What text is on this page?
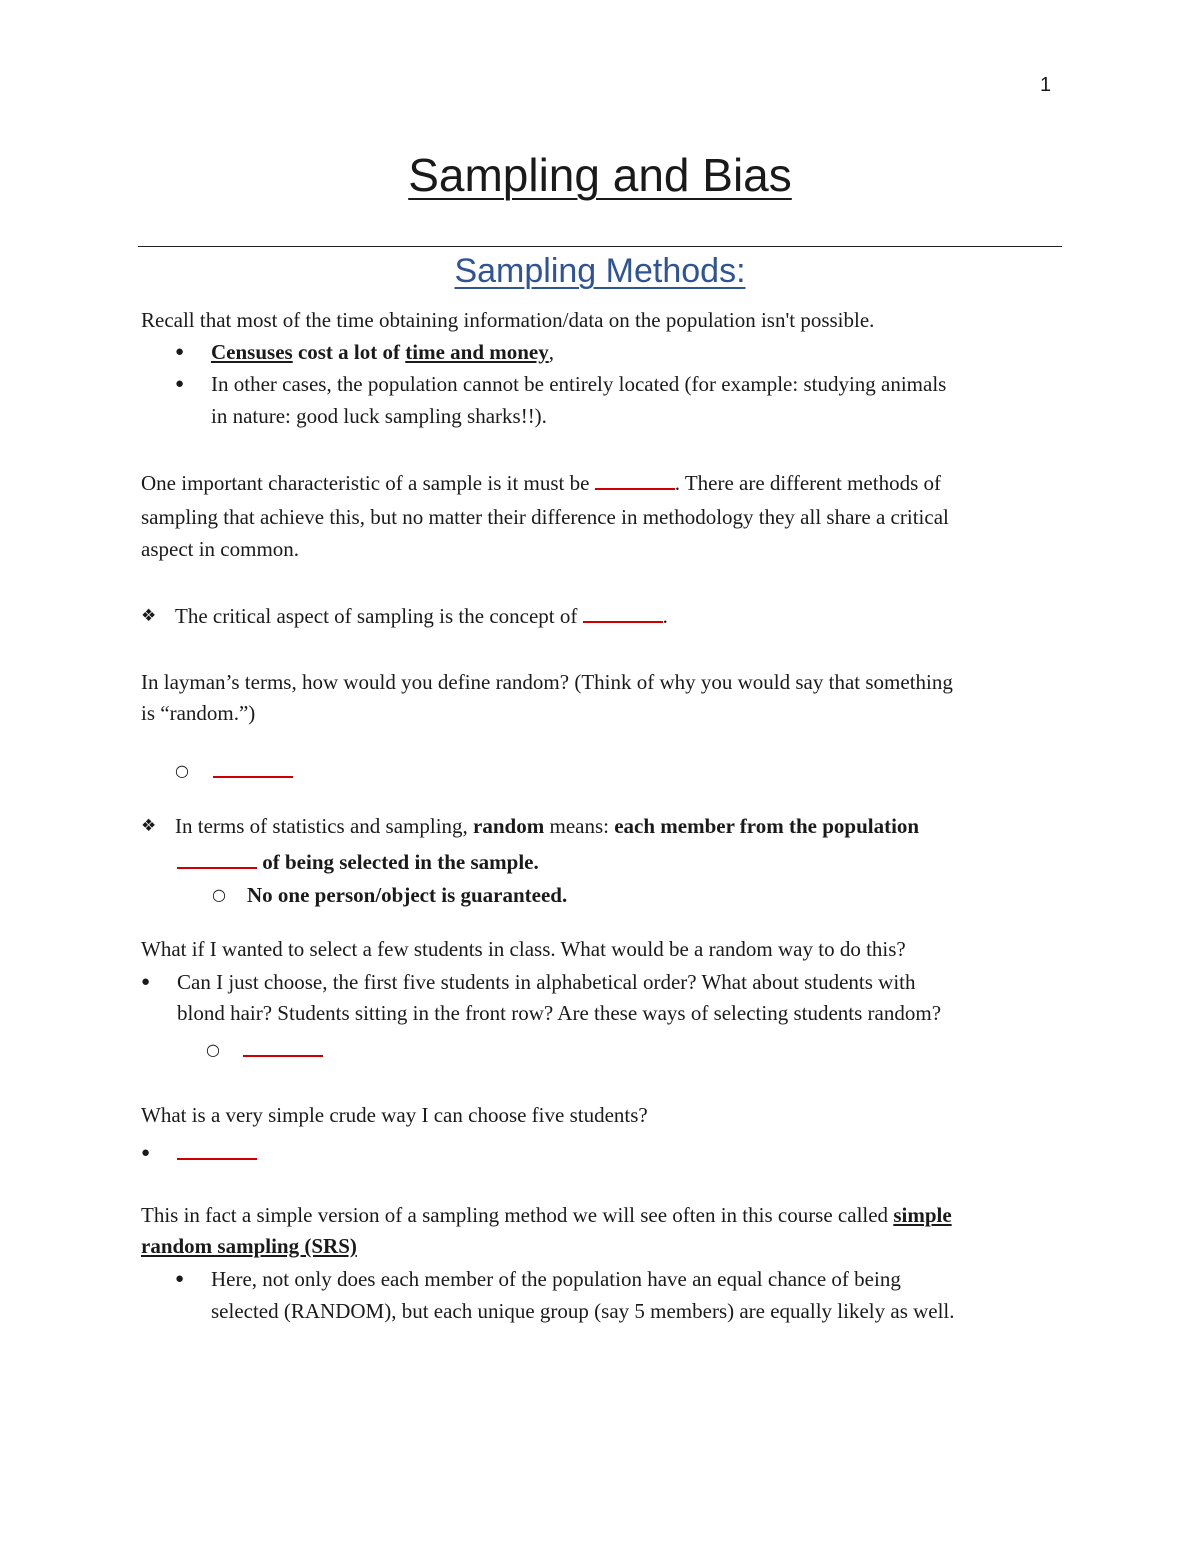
1
Sampling and Bias
Sampling Methods:
Recall that most of the time obtaining information/data on the population isn't possible.
● Censuses cost a lot of time and money,
● In other cases, the population cannot be entirely located (for example: studying animals
in nature: good luck sampling sharks!!).
One important characteristic of a sample is it must be	. There are different methods of
sampling that achieve this, but no matter their difference in methodology they all share a critical
aspect in common.
❖ The critical aspect of sampling is the concept of	.
In layman’s terms, how would you define random? (Think of why you would say that something
is “random.”)
○
❖ In terms of statistics and sampling, random means: each member from the population
of being selected in the sample.
○ No one person/object is guaranteed.
What if I wanted to select a few students in class. What would be a random way to do this?
● Can I just choose, the first five students in alphabetical order? What about students with
blond hair? Students sitting in the front row? Are these ways of selecting students random?
○
What is a very simple crude way I can choose five students?
●
This in fact a simple version of a sampling method we will see often in this course called simple
random sampling (SRS)
● Here, not only does each member of the population have an equal chance of being
selected (RANDOM), but each unique group (say 5 members) are equally likely as well.
